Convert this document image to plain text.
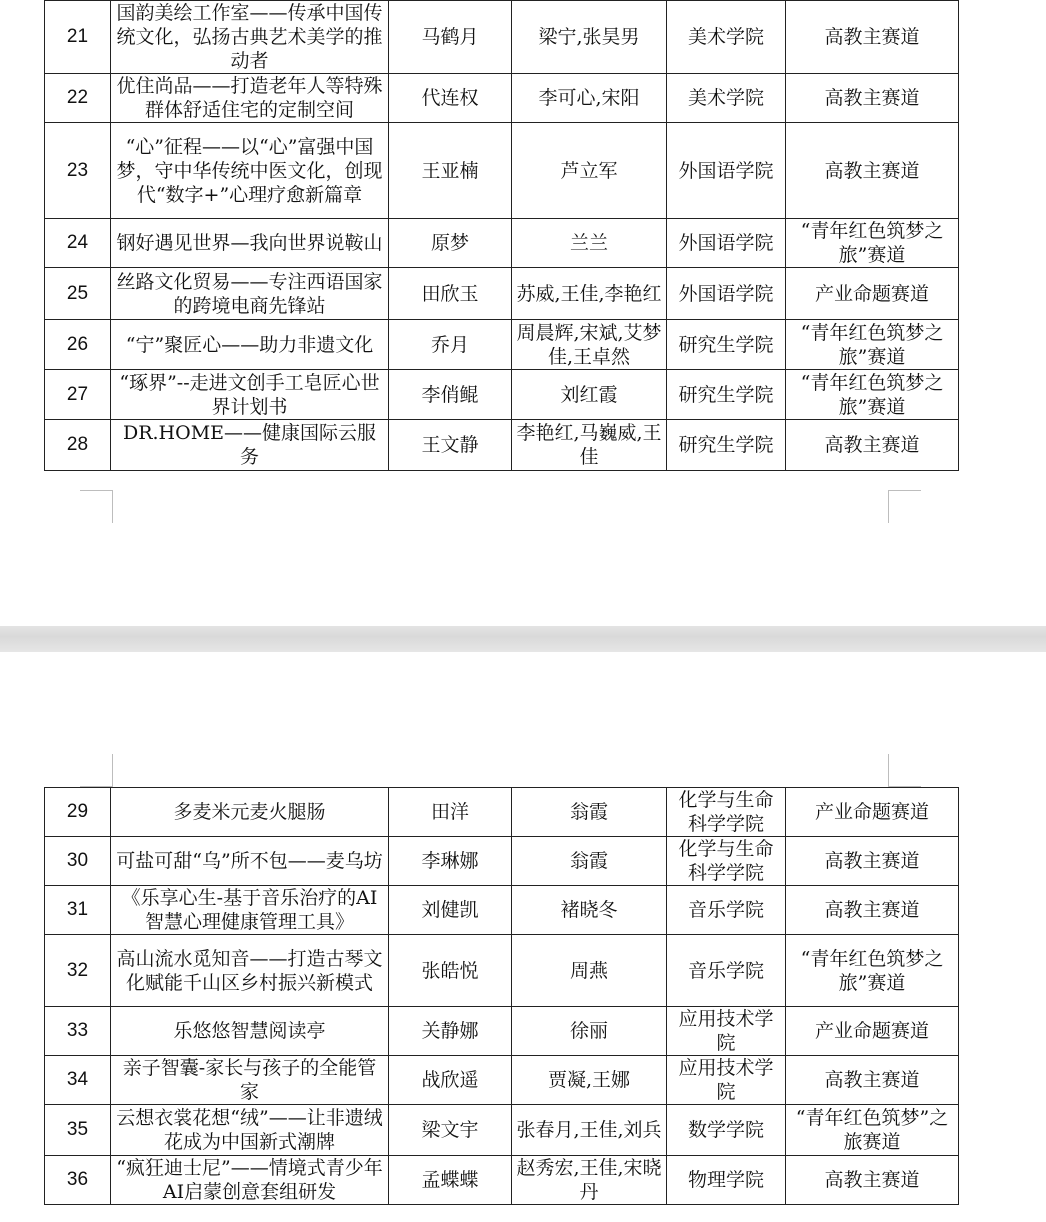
21	国韵美绘工作室——传承中国传统文化，弘扬古典艺术美学的推动者	马鹤月	梁宁,张昊男	美术学院	高教主赛道
22	优住尚品——打造老年人等特殊群体舒适住宅的定制空间	代连权	李可心,宋阳	美术学院	高教主赛道
23	“心”征程——以“心”富强中国梦，守中华传统中医文化，创现代“数字+”心理疗愈新篇章	王亚楠	芦立军	外国语学院	高教主赛道
24	钢好遇见世界—我向世界说鞍山	原梦	兰兰	外国语学院	“青年红色筑梦之旅”赛道
25	丝路文化贸易——专注西语国家的跨境电商先锋站	田欣玉	苏威,王佳,李艳红	外国语学院	产业命题赛道
26	“宁”聚匠心——助力非遗文化	乔月	周晨辉,宋斌,艾梦佳,王卓然	研究生学院	“青年红色筑梦之旅”赛道
27	“琢界”--走进文创手工皂匠心世界计划书	李俏鲲	刘红霞	研究生学院	“青年红色筑梦之旅”赛道
28	DR.HOME——健康国际云服务	王文静	李艳红,马巍威,王佳	研究生学院	高教主赛道
29	多麦米元麦火腿肠	田洋	翁霞	化学与生命科学学院	产业命题赛道
30	可盐可甜“乌”所不包——麦乌坊	李琳娜	翁霞	化学与生命科学学院	高教主赛道
31	《乐享心生-基于音乐治疗的AI智慧心理健康管理工具》	刘健凯	褚晓冬	音乐学院	高教主赛道
32	高山流水觅知音——打造古琴文化赋能千山区乡村振兴新模式	张皓悦	周燕	音乐学院	“青年红色筑梦之旅”赛道
33	乐悠悠智慧阅读亭	关静娜	徐丽	应用技术学院	产业命题赛道
34	亲子智囊-家长与孩子的全能管家	战欣遥	贾凝,王娜	应用技术学院	高教主赛道
35	云想衣裳花想“绒”——让非遗绒花成为中国新式潮牌	梁文宇	张春月,王佳,刘兵	数学学院	“青年红色筑梦”之旅赛道
36	“疯狂迪士尼”——情境式青少年AI启蒙创意套组研发	孟蝶蝶	赵秀宏,王佳,宋晓丹	物理学院	高教主赛道
